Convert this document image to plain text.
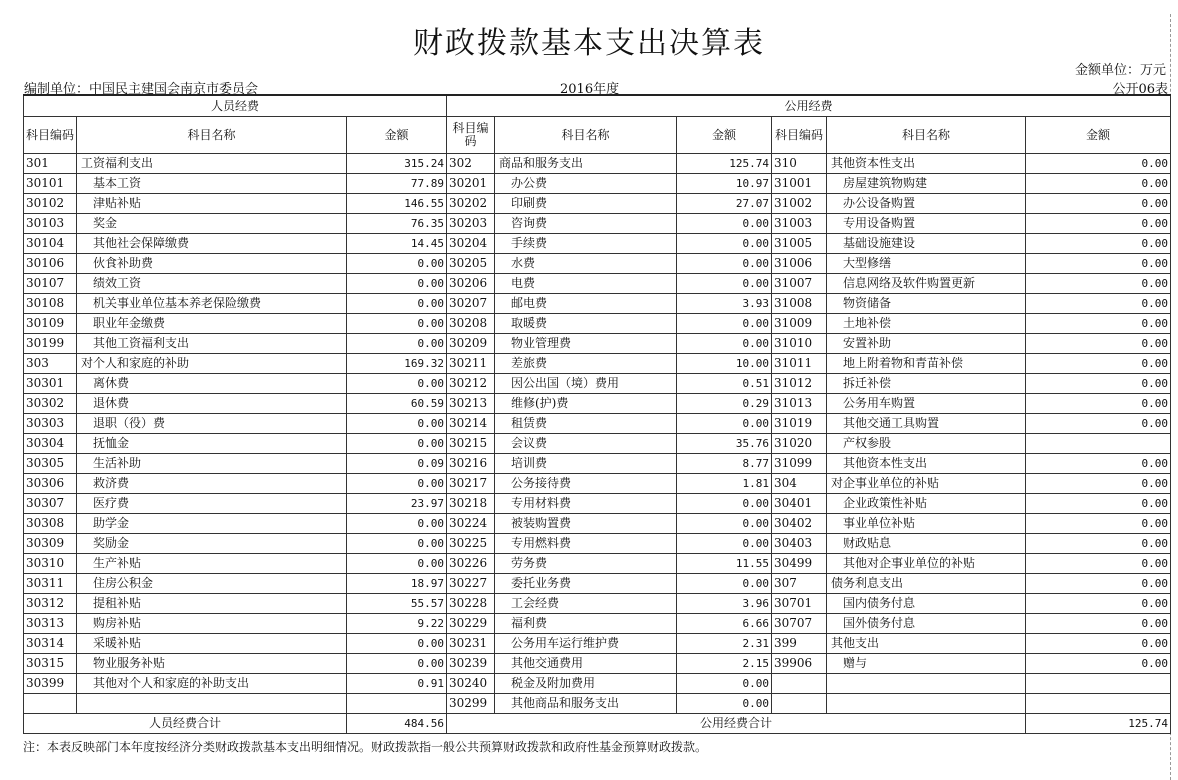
财政拨款基本支出决算表
金额单位：万元
编制单位：中国民主建国会南京市委员会	2016年度	公开06表
人员经费			公用经费					
科目编码	科目名称	金额	科目编码	科目名称	金额	科目编码	科目名称	金额
301	工资福利支出	315.24	302	商品和服务支出	125.74	310	其他资本性支出	0.00
30101	基本工资	77.89	30201	办公费	10.97	31001	房屋建筑物购建	0.00
30102	津贴补贴	146.55	30202	印刷费	27.07	31002	办公设备购置	0.00
30103	奖金	76.35	30203	咨询费	0.00	31003	专用设备购置	0.00
30104	其他社会保障缴费	14.45	30204	手续费	0.00	31005	基础设施建设	0.00
30106	伙食补助费	0.00	30205	水费	0.00	31006	大型修缮	0.00
30107	绩效工资	0.00	30206	电费	0.00	31007	信息网络及软件购置更新	0.00
30108	机关事业单位基本养老保险缴费	0.00	30207	邮电费	3.93	31008	物资储备	0.00
30109	职业年金缴费	0.00	30208	取暖费	0.00	31009	土地补偿	0.00
30199	其他工资福利支出	0.00	30209	物业管理费	0.00	31010	安置补助	0.00
303	对个人和家庭的补助	169.32	30211	差旅费	10.00	31011	地上附着物和青苗补偿	0.00
30301	离休费	0.00	30212	因公出国（境）费用	0.51	31012	拆迁补偿	0.00
30302	退休费	60.59	30213	维修(护)费	0.29	31013	公务用车购置	0.00
30303	退职（役）费	0.00	30214	租赁费	0.00	31019	其他交通工具购置	0.00
30304	抚恤金	0.00	30215	会议费	35.76	31020	产权参股	
30305	生活补助	0.09	30216	培训费	8.77	31099	其他资本性支出	0.00
30306	救济费	0.00	30217	公务接待费	1.81	304	对企事业单位的补贴	0.00
30307	医疗费	23.97	30218	专用材料费	0.00	30401	企业政策性补贴	0.00
30308	助学金	0.00	30224	被装购置费	0.00	30402	事业单位补贴	0.00
30309	奖励金	0.00	30225	专用燃料费	0.00	30403	财政贴息	0.00
30310	生产补贴	0.00	30226	劳务费	11.55	30499	其他对企事业单位的补贴	0.00
30311	住房公积金	18.97	30227	委托业务费	0.00	307	债务利息支出	0.00
30312	提租补贴	55.57	30228	工会经费	3.96	30701	国内债务付息	0.00
30313	购房补贴	9.22	30229	福利费	6.66	30707	国外债务付息	0.00
30314	采暖补贴	0.00	30231	公务用车运行维护费	2.31	399	其他支出	0.00
30315	物业服务补贴	0.00	30239	其他交通费用	2.15	39906	赠与	0.00
30399	其他对个人和家庭的补助支出	0.91	30240	税金及附加费用	0.00			
			30299	其他商品和服务支出	0.00			
人员经费合计		484.56	公用经费合计					125.74
注：本表反映部门本年度按经济分类财政拨款基本支出明细情况。财政拨款指一般公共预算财政拨款和政府性基金预算财政拨款。
